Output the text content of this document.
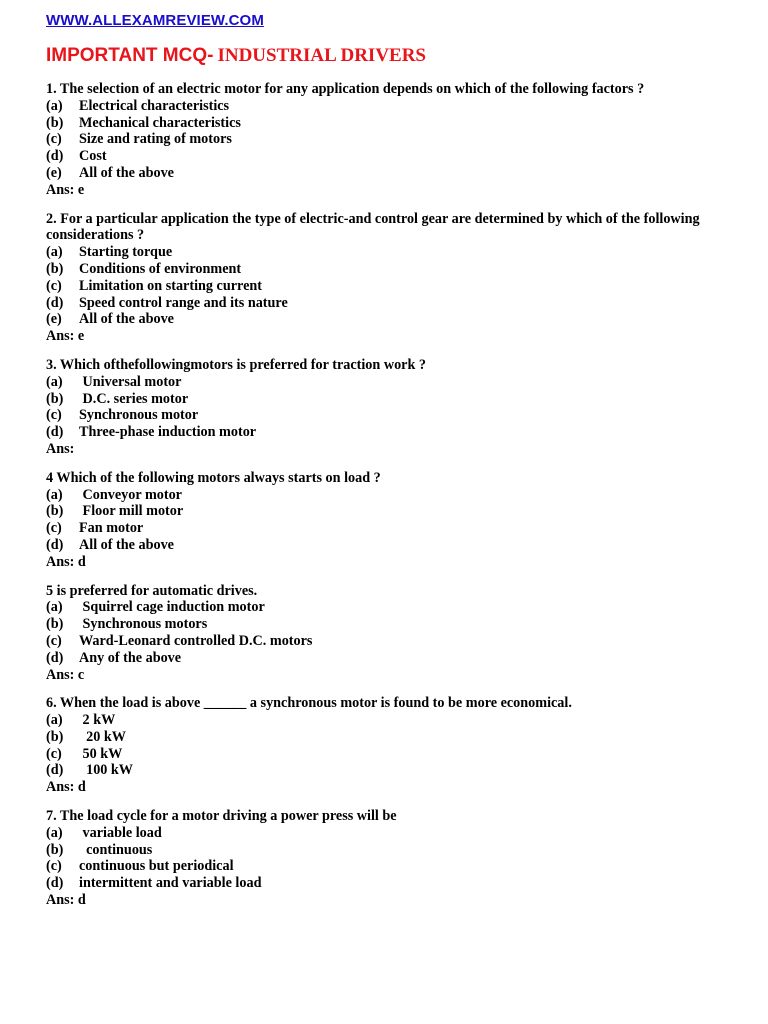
WWW.ALLEXAMREVIEW.COM
IMPORTANT MCQ- INDUSTRIAL DRIVERS
1. The selection of an electric motor for any application depends on which of the following factors ?
(a)	Electrical characteristics
(b)	Mechanical characteristics
(c)	Size and rating of motors
(d)	Cost
(e)	All of the above
Ans: e
2. For a particular application the type of electric-and control gear are determined by which of the following considerations ?
(a)	Starting torque
(b)	Conditions of environment
(c)	Limitation on starting current
(d)	Speed control range and its nature
(e)	All of the above
Ans: e
3. Which ofthefollowingmotors is preferred for traction work ?
(a)	Universal motor
(b)	D.C. series motor
(c)	Synchronous motor
(d)	Three-phase induction motor
Ans:
4 Which of the following motors always starts on load ?
(a)	Conveyor motor
(b)	Floor mill motor
(c)	Fan motor
(d)	All of the above
Ans: d
5 is preferred for automatic drives.
(a)	Squirrel cage induction motor
(b)	Synchronous motors
(c)	Ward-Leonard controlled D.C. motors
(d)	Any of the above
Ans: c
6. When the load is above ______ a synchronous motor is found to be more economical.
(a)	2 kW
(b)	20 kW
(c)	50 kW
(d)	100 kW
Ans: d
7. The load cycle for a motor driving a power press will be
(a)	variable load
(b)	continuous
(c)	continuous but periodical
(d)	intermittent and variable load
Ans: d
